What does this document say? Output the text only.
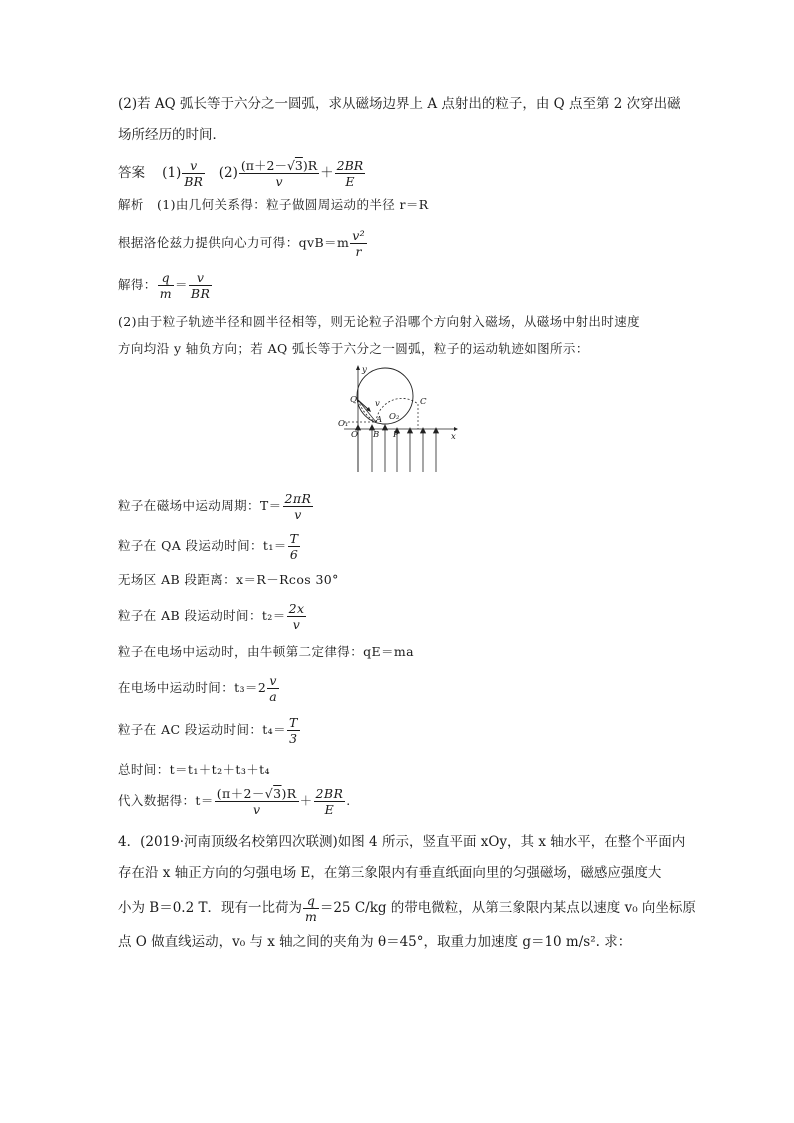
(2)若 AQ 弧长等于六分之一圆弧，求从磁场边界上 A 点射出的粒子，由 Q 点至第 2 次穿出磁
场所经历的时间．
答案 $(1) \frac{v}{BR} (2) \frac{(\pi+2-√3)R}{v} + \frac{2BR}{E}$
解析 (1)由几何关系得：粒子做圆周运动的半径 r＝R
根据洛伦兹力提供向心力可得：$qvB=m \frac{\text{v²}}{r}$
解得： $\frac{q}{m} = \frac{v}{BR}$
(2)由于粒子轨迹半径和圆半径相等，则无论粒子沿哪个方向射入磁场，从磁场中射出时速度
方向均沿 y 轴负方向；若 AQ 弧长等于六分之一圆弧，粒子的运动轨迹如图所示：
y
Q v
O₁	A
B
O
O₂
P
C
x
粒子在磁场中运动周期：$T= \frac{2\pi R}{v}$
粒子在 QA 段运动时间：$t_1= \frac{T}{6}$
无场区 AB 段距离：x＝R－Rcos 30°
粒子在 AB 段运动时间：$t_2= \frac{2x}{v}$
粒子在电场中运动时，由牛顿第二定律得：qE＝ma
在电场中运动时间：$t_3=2 \frac{v}{a}$
粒子在 AC 段运动时间：$t_4= \frac{T}{3}$
总时间：t＝t₁＋t₂＋t₃＋t₄
代入数据得：$t= \frac{(\pi+2-√3)R}{v} + \frac{2BR}{E}$ .
4．(2019·河南顶级名校第四次联测)如图 4 所示，竖直平面 xOy，其 x 轴水平，在整个平面内
存在沿 x 轴正方向的匀强电场 E，在第三象限内有垂直纸面向里的匀强磁场，磁感应强度大
小为 B＝0.2 T．现有一比荷为 $\frac{q}{m} =25$ C/kg 的带电微粒，从第三象限内某点以速度 v₀ 向坐标原
点 O 做直线运动，v₀ 与 x 轴之间的夹角为 θ＝45°，取重力加速度 g＝10 m/s². 求：
